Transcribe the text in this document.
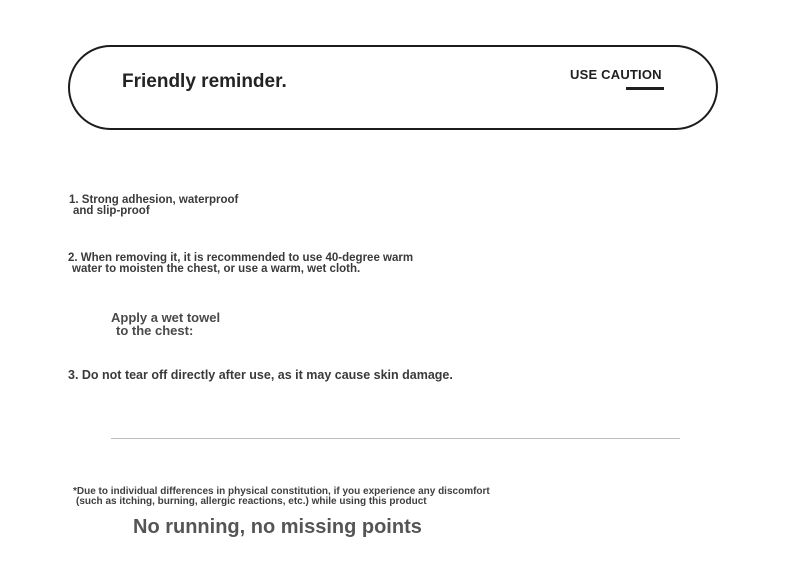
Friendly reminder.	USE CAUTION
1. Strong adhesion, waterproof
and slip-proof
2. When removing it, it is recommended to use 40-degree warm
water to moisten the chest, or use a warm, wet cloth.
Apply a wet towel
to the chest:
3. Do not tear off directly after use, as it may cause skin damage.
*Due to individual differences in physical constitution, if you experience any discomfort
(such as itching, burning, allergic reactions, etc.) while using this product
No running, no missing points
